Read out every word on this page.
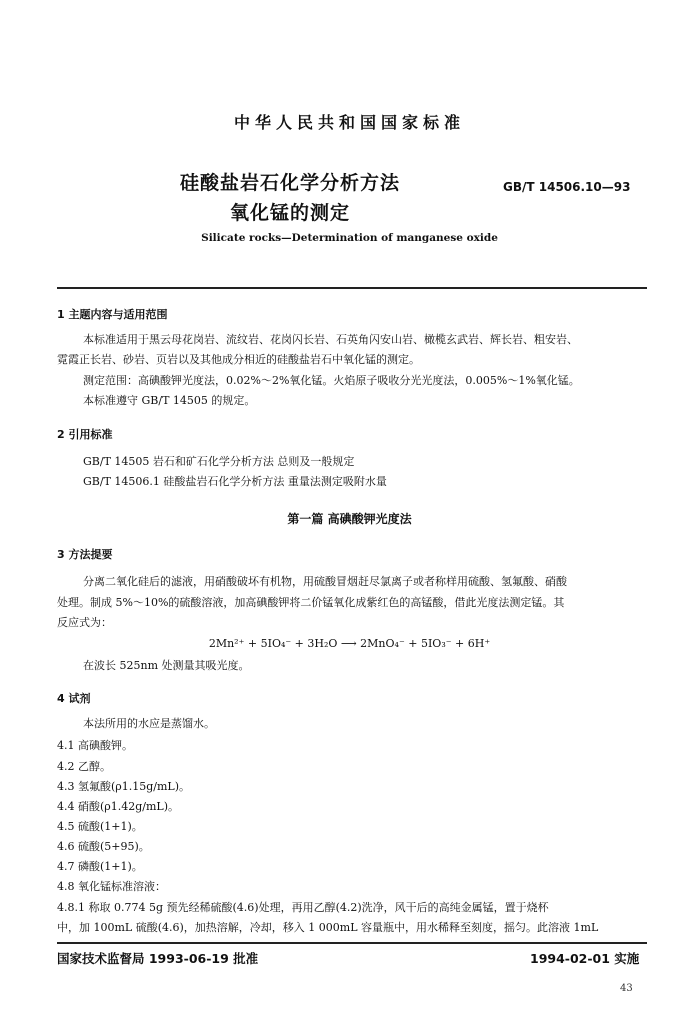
中华人民共和国国家标准
硅酸盐岩石化学分析方法
氧化锰的测定
GB/T 14506.10—93
Silicate rocks—Determination of manganese oxide
1 主题内容与适用范围
本标准适用于黑云母花岗岩、流纹岩、花岗闪长岩、石英角闪安山岩、橄榄玄武岩、辉长岩、粗安岩、
霓霞正长岩、砂岩、页岩以及其他成分相近的硅酸盐岩石中氧化锰的测定。
测定范围：高碘酸钾光度法，0.02%～2%氧化锰。火焰原子吸收分光光度法，0.005%～1%氧化锰。
本标准遵守 GB/T 14505 的规定。
2 引用标准
GB/T 14505 岩石和矿石化学分析方法 总则及一般规定
GB/T 14506.1 硅酸盐岩石化学分析方法 重量法测定吸附水量
第一篇 高碘酸钾光度法
3 方法提要
分离二氧化硅后的滤液，用硝酸破坏有机物，用硫酸冒烟赶尽氯离子或者称样用硫酸、氢氟酸、硝酸
处理。制成 5%～10%的硫酸溶液，加高碘酸钾将二价锰氧化成紫红色的高锰酸，借此光度法测定锰。其
反应式为：
2Mn²⁺ + 5IO₄⁻ + 3H₂O ⟶ 2MnO₄⁻ + 5IO₃⁻ + 6H⁺
在波长 525nm 处测量其吸光度。
4 试剂
本法所用的水应是蒸馏水。
4.1 高碘酸钾。
4.2 乙醇。
4.3 氢氟酸(ρ1.15g/mL)。
4.4 硝酸(ρ1.42g/mL)。
4.5 硫酸(1+1)。
4.6 硫酸(5+95)。
4.7 磷酸(1+1)。
4.8 氧化锰标准溶液：
4.8.1 称取 0.774 5g 预先经稀硫酸(4.6)处理，再用乙醇(4.2)洗净，风干后的高纯金属锰，置于烧杯
中，加 100mL 硫酸(4.6)，加热溶解，冷却，移入 1 000mL 容量瓶中，用水稀释至刻度，摇匀。此溶液 1mL
国家技术监督局 1993-06-19 批准	1994-02-01 实施
43
